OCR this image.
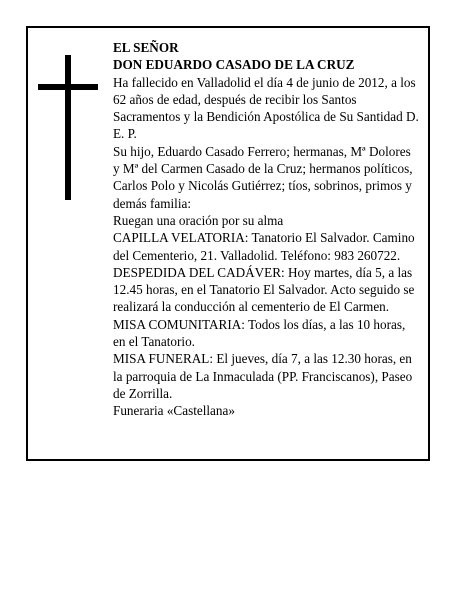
EL SEÑOR

DON EDUARDO CASADO DE LA CRUZ

Ha fallecido en Valladolid el día 4 de junio de 2012, a los 62 años de edad, después de recibir los Santos Sacramentos y la Bendición Apostólica de Su Santidad D. E. P.

Su hijo, Eduardo Casado Ferrero; hermanas, Mª Dolores y Mª del Carmen Casado de la Cruz; hermanos políticos, Carlos Polo y Nicolás Gutiérrez; tíos, sobrinos, primos y demás familia:

Ruegan una oración por su alma

CAPILLA VELATORIA: Tanatorio El Salvador. Camino del Cementerio, 21. Valladolid. Teléfono: 983 260722.

DESPEDIDA DEL CADÁVER: Hoy martes, día 5, a las 12.45 horas, en el Tanatorio El Salvador. Acto seguido se realizará la conducción al cementerio de El Carmen.

MISA COMUNITARIA: Todos los días, a las 10 horas, en el Tanatorio.

MISA FUNERAL: El jueves, día 7, a las 12.30 horas, en la parroquia de La Inmaculada (PP. Franciscanos), Paseo de Zorrilla.

Funeraria «Castellana»
